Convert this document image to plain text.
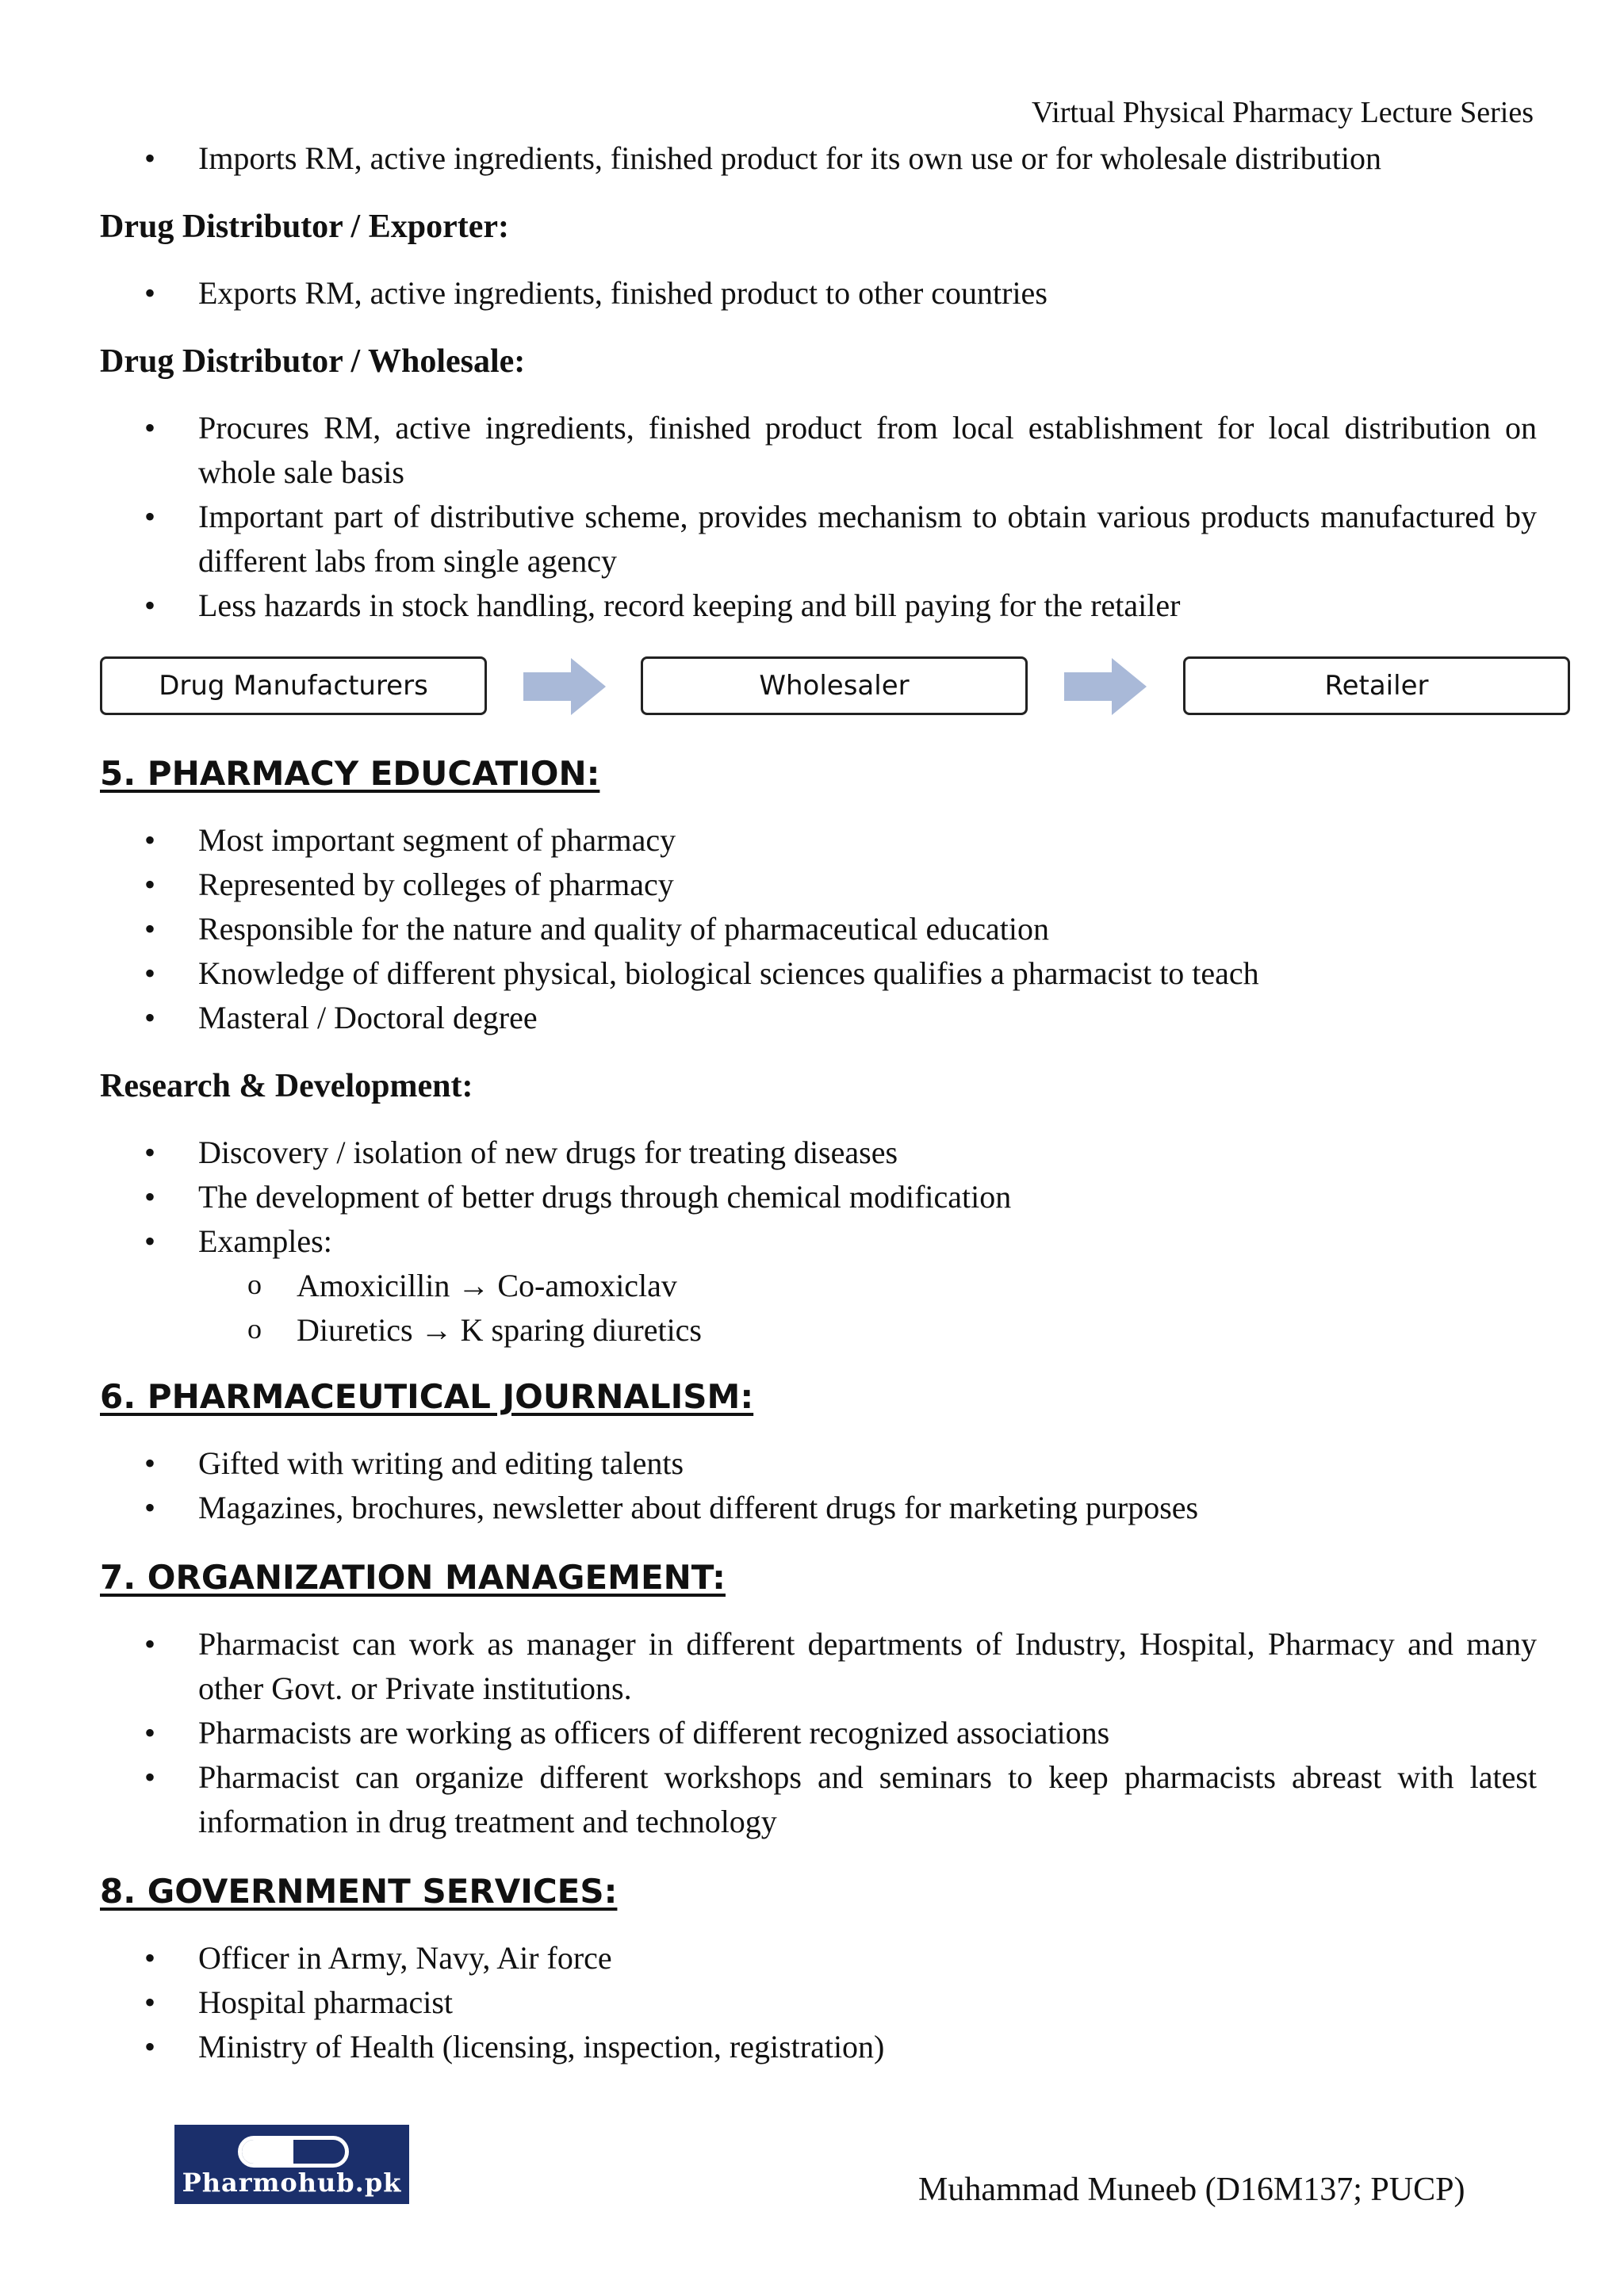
Virtual Physical Pharmacy Lecture Series
• Imports RM, active ingredients, finished product for its own use or for wholesale distribution
Drug Distributor / Exporter:
• Exports RM, active ingredients, finished product to other countries
Drug Distributor / Wholesale:
• Procures RM, active ingredients, finished product from local establishment for local distribution on whole sale basis
• Important part of distributive scheme, provides mechanism to obtain various products manufactured by different labs from single agency
• Less hazards in stock handling, record keeping and bill paying for the retailer
Drug Manufacturers	Wholesaler	Retailer
5. PHARMACY EDUCATION:
• Most important segment of pharmacy
• Represented by colleges of pharmacy
• Responsible for the nature and quality of pharmaceutical education
• Knowledge of different physical, biological sciences qualifies a pharmacist to teach
• Masteral / Doctoral degree
Research & Development:
• Discovery / isolation of new drugs for treating diseases
• The development of better drugs through chemical modification
• Examples:
o Amoxicillin → Co-amoxiclav
o Diuretics → K sparing diuretics
6. PHARMACEUTICAL JOURNALISM:
• Gifted with writing and editing talents
• Magazines, brochures, newsletter about different drugs for marketing purposes
7. ORGANIZATION MANAGEMENT:
• Pharmacist can work as manager in different departments of Industry, Hospital, Pharmacy and many other Govt. or Private institutions.
• Pharmacists are working as officers of different recognized associations
• Pharmacist can organize different workshops and seminars to keep pharmacists abreast with latest information in drug treatment and technology
8. GOVERNMENT SERVICES:
• Officer in Army, Navy, Air force
• Hospital pharmacist
• Ministry of Health (licensing, inspection, registration)
Pharmohub.pk	Muhammad Muneeb (D16M137; PUCP)
